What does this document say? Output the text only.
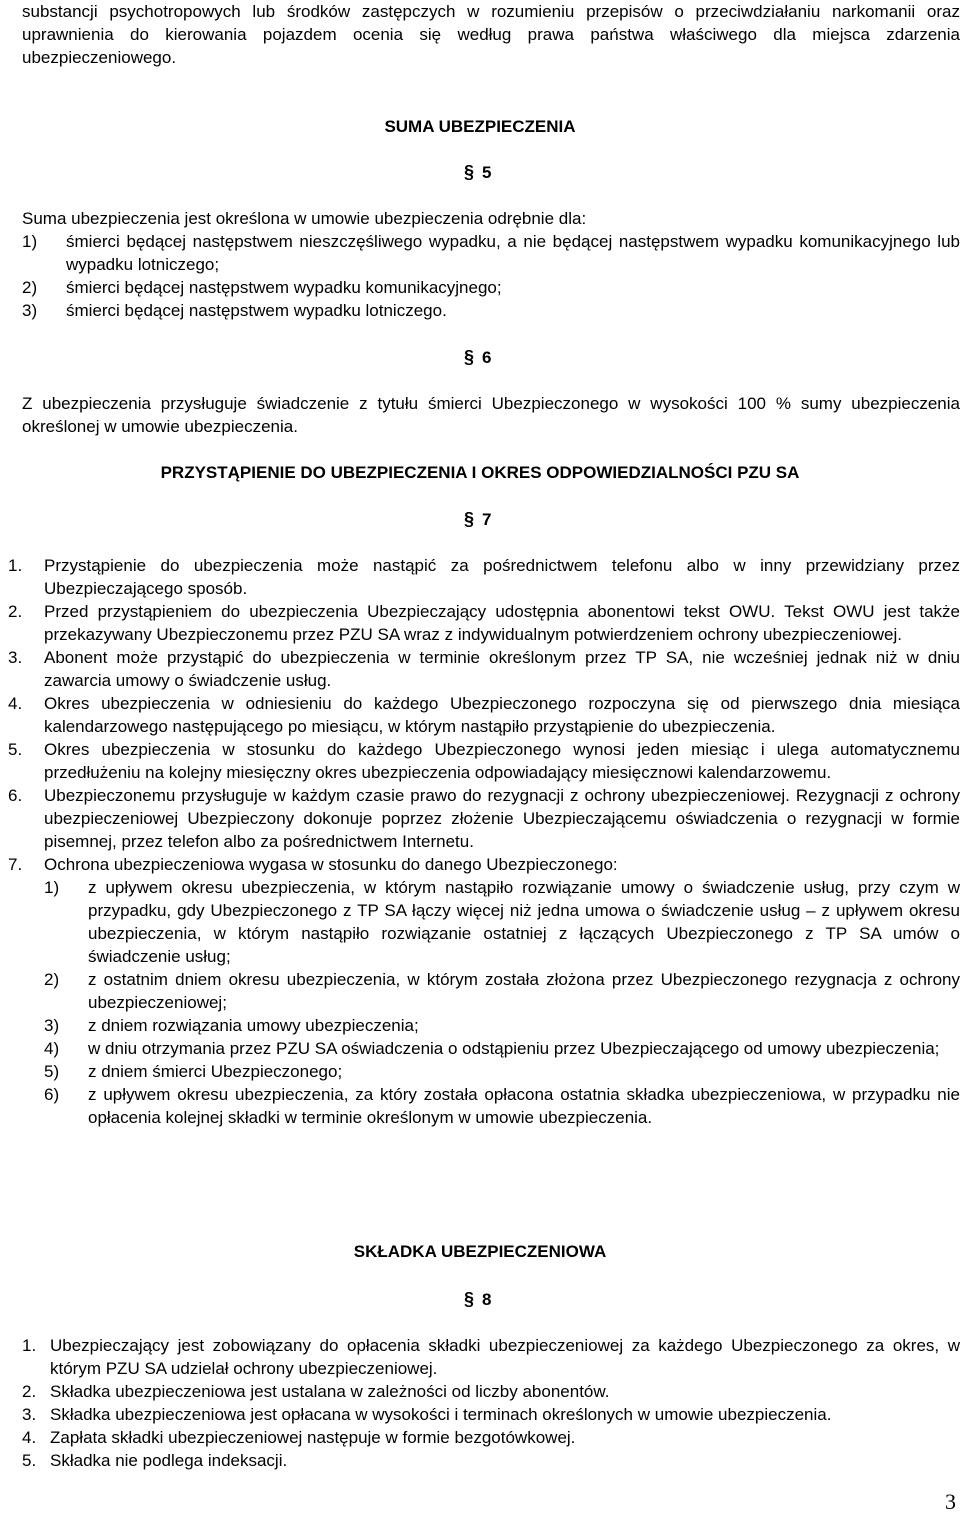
substancji psychotropowych lub środków zastępczych w rozumieniu przepisów o przeciwdziałaniu narkomanii oraz uprawnienia do kierowania pojazdem ocenia się według prawa państwa właściwego dla miejsca zdarzenia ubezpieczeniowego.
SUMA UBEZPIECZENIA
§ 5
Suma ubezpieczenia jest określona w umowie ubezpieczenia odrębnie dla:
1) śmierci będącej następstwem nieszczęśliwego wypadku, a nie będącej następstwem wypadku komunikacyjnego lub wypadku lotniczego;
2) śmierci będącej następstwem wypadku komunikacyjnego;
3) śmierci będącej następstwem wypadku lotniczego.
§ 6
Z ubezpieczenia przysługuje świadczenie z tytułu śmierci Ubezpieczonego w wysokości 100 % sumy ubezpieczenia określonej w umowie ubezpieczenia.
PRZYSTĄPIENIE DO UBEZPIECZENIA I OKRES ODPOWIEDZIALNOŚCI PZU SA
§ 7
1. Przystąpienie do ubezpieczenia może nastąpić za pośrednictwem telefonu albo w inny przewidziany przez Ubezpieczającego sposób.
2. Przed przystąpieniem do ubezpieczenia Ubezpieczający udostępnia abonentowi tekst OWU. Tekst OWU jest także przekazywany Ubezpieczonemu przez PZU SA wraz z indywidualnym potwierdzeniem ochrony ubezpieczeniowej.
3. Abonent może przystąpić do ubezpieczenia w terminie określonym przez TP SA, nie wcześniej jednak niż w dniu zawarcia umowy o świadczenie usług.
4. Okres ubezpieczenia w odniesieniu do każdego Ubezpieczonego rozpoczyna się od pierwszego dnia miesiąca kalendarzowego następującego po miesiącu, w którym nastąpiło przystąpienie do ubezpieczenia.
5. Okres ubezpieczenia w stosunku do każdego Ubezpieczonego wynosi jeden miesiąc i ulega automatycznemu przedłużeniu na kolejny miesięczny okres ubezpieczenia odpowiadający miesięcznowi kalendarzowemu.
6. Ubezpieczonemu przysługuje w każdym czasie prawo do rezygnacji z ochrony ubezpieczeniowej. Rezygnacji z ochrony ubezpieczeniowej Ubezpieczony dokonuje poprzez złożenie Ubezpieczającemu oświadczenia o rezygnacji w formie pisemnej, przez telefon albo za pośrednictwem Internetu.
7. Ochrona ubezpieczeniowa wygasa w stosunku do danego Ubezpieczonego:
1) z upływem okresu ubezpieczenia, w którym nastąpiło rozwiązanie umowy o świadczenie usług, przy czym w przypadku, gdy Ubezpieczonego z TP SA łączy więcej niż jedna umowa o świadczenie usług – z upływem okresu ubezpieczenia, w którym nastąpiło rozwiązanie ostatniej z łączących Ubezpieczonego z TP SA umów o świadczenie usług;
2) z ostatnim dniem okresu ubezpieczenia, w którym została złożona przez Ubezpieczonego rezygnacja z ochrony ubezpieczeniowej;
3) z dniem rozwiązania umowy ubezpieczenia;
4) w dniu otrzymania przez PZU SA oświadczenia o odstąpieniu przez Ubezpieczającego od umowy ubezpieczenia;
5) z dniem śmierci Ubezpieczonego;
6) z upływem okresu ubezpieczenia, za który została opłacona ostatnia składka ubezpieczeniowa, w przypadku nie opłacenia kolejnej składki w terminie określonym w umowie ubezpieczenia.
SKŁADKA UBEZPIECZENIOWA
§ 8
1. Ubezpieczający jest zobowiązany do opłacenia składki ubezpieczeniowej za każdego Ubezpieczonego za okres, w którym PZU SA udzielał ochrony ubezpieczeniowej.
2. Składka ubezpieczeniowa jest ustalana w zależności od liczby abonentów.
3. Składka ubezpieczeniowa jest opłacana w wysokości i terminach określonych w umowie ubezpieczenia.
4. Zapłata składki ubezpieczeniowej następuje w formie bezgotówkowej.
5. Składka nie podlega indeksacji.
3
